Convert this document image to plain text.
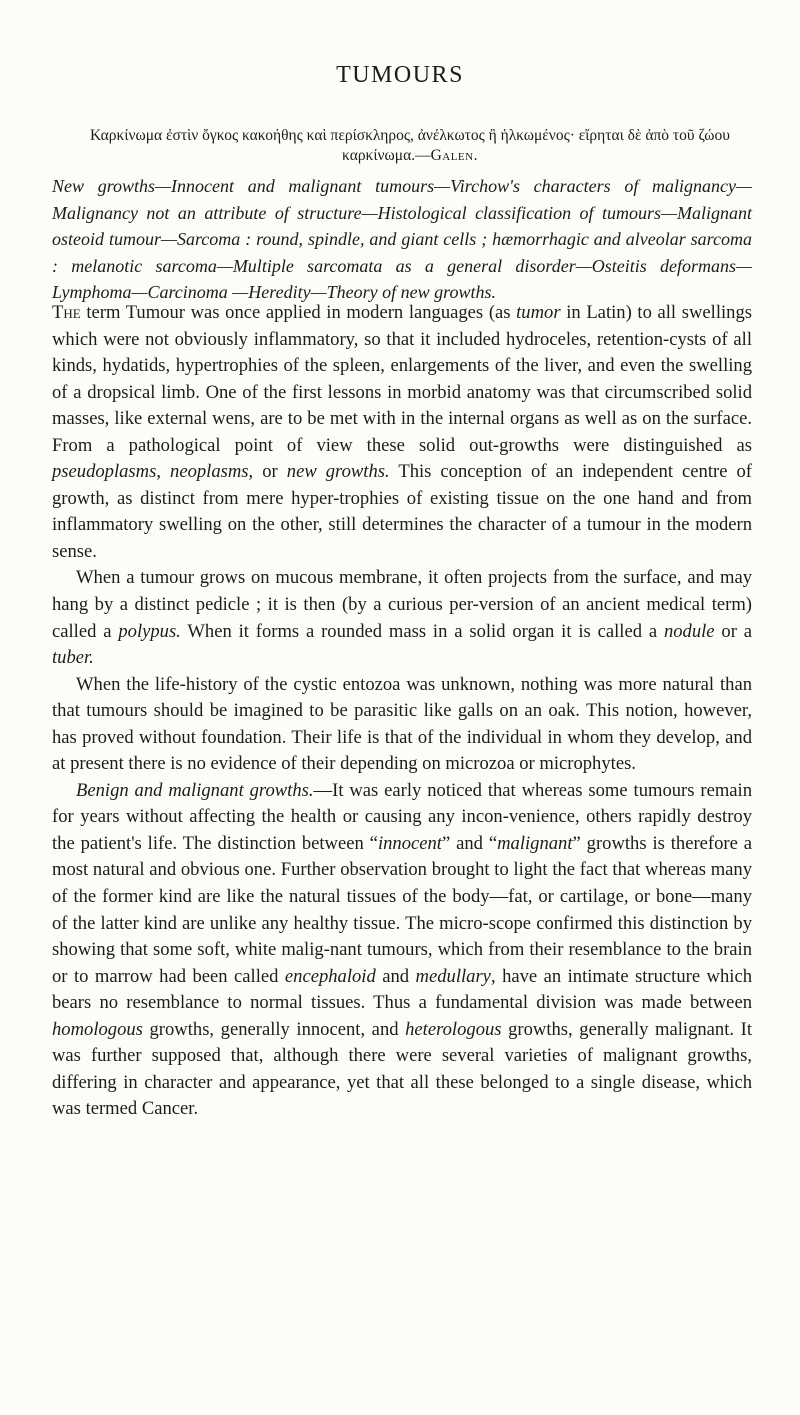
TUMOURS

Καρκίνωμα ἐστὶν ὄγκος κακοήθης καὶ περίσκληρος, ἀνέλκωτος ἢ ἡλκωμένος· εἴρηται δὲ ἀπὸ τοῦ ζώου καρκίνωμα.—Galen.

New growths—Innocent and malignant tumours—Virchow's characters of malignancy—Malignancy not an attribute of structure—Histological classification of tumours—Malignant osteoid tumour—Sarcoma : round, spindle, and giant cells ; hæmorrhagic and alveolar sarcoma : melanotic sarcoma—Multiple sarcomata as a general disorder—Osteitis deformans—Lymphoma—Carcinoma —Heredity—Theory of new growths.

The term Tumour was once applied in modern languages (as tumor in Latin) to all swellings which were not obviously inflammatory, so that it included hydroceles, retention-cysts of all kinds, hydatids, hypertrophies of the spleen, enlargements of the liver, and even the swelling of a dropsical limb. One of the first lessons in morbid anatomy was that circumscribed solid masses, like external wens, are to be met with in the internal organs as well as on the surface. From a pathological point of view these solid out-growths were distinguished as pseudoplasms, neoplasms, or new growths. This conception of an independent centre of growth, as distinct from mere hyper-trophies of existing tissue on the one hand and from inflammatory swelling on the other, still determines the character of a tumour in the modern sense.

When a tumour grows on mucous membrane, it often projects from the surface, and may hang by a distinct pedicle ; it is then (by a curious per-version of an ancient medical term) called a polypus. When it forms a rounded mass in a solid organ it is called a nodule or a tuber.

When the life-history of the cystic entozoa was unknown, nothing was more natural than that tumours should be imagined to be parasitic like galls on an oak. This notion, however, has proved without foundation. Their life is that of the individual in whom they develop, and at present there is no evidence of their depending on microzoa or microphytes.

Benign and malignant growths.—It was early noticed that whereas some tumours remain for years without affecting the health or causing any incon-venience, others rapidly destroy the patient's life. The distinction between “innocent” and “malignant” growths is therefore a most natural and obvious one. Further observation brought to light the fact that whereas many of the former kind are like the natural tissues of the body—fat, or cartilage, or bone—many of the latter kind are unlike any healthy tissue. The micro-scope confirmed this distinction by showing that some soft, white malig-nant tumours, which from their resemblance to the brain or to marrow had been called encephaloid and medullary, have an intimate structure which bears no resemblance to normal tissues. Thus a fundamental division was made between homologous growths, generally innocent, and heterologous growths, generally malignant. It was further supposed that, although there were several varieties of malignant growths, differing in character and appearance, yet that all these belonged to a single disease, which was termed Cancer.
